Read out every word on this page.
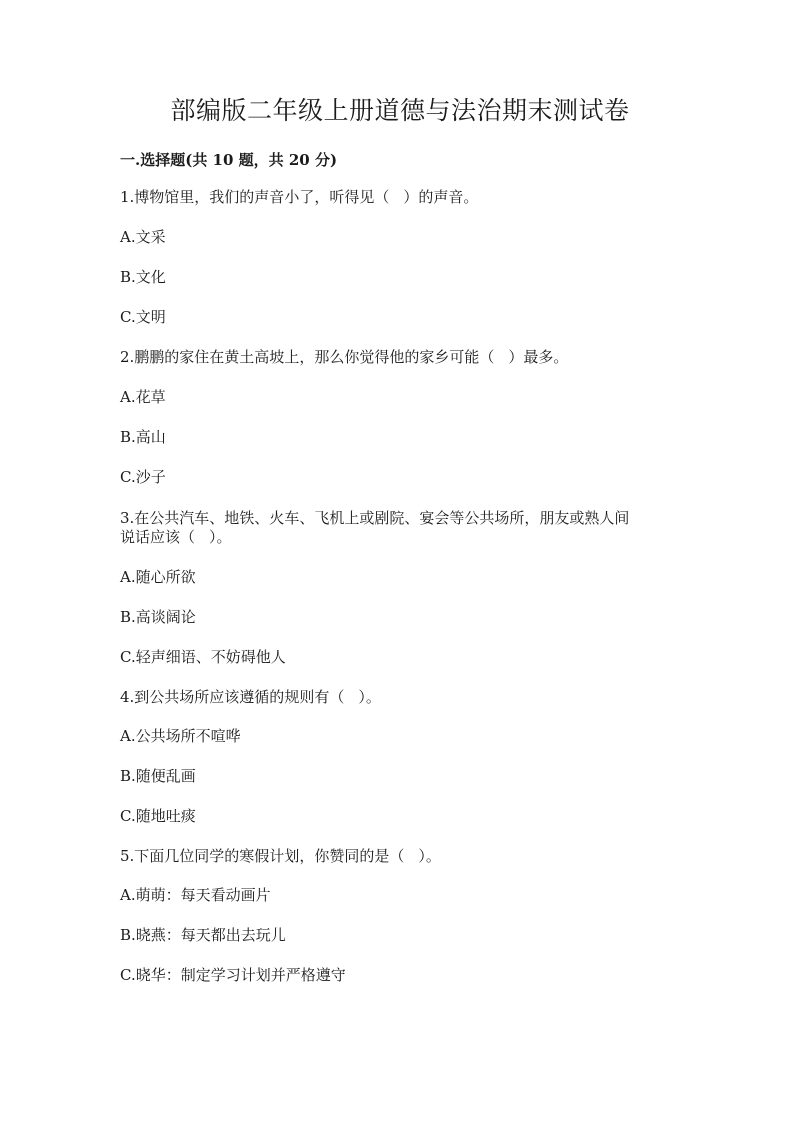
部编版二年级上册道德与法治期末测试卷
一.选择题(共 10 题，共 20 分)
1.博物馆里，我们的声音小了，听得见（ ）的声音。
A.文采
B.文化
C.文明
2.鹏鹏的家住在黄土高坡上，那么你觉得他的家乡可能（ ）最多。
A.花草
B.高山
C.沙子
3.在公共汽车、地铁、火车、飞机上或剧院、宴会等公共场所，朋友或熟人间
说话应该（ ）。
A.随心所欲
B.高谈阔论
C.轻声细语、不妨碍他人
4.到公共场所应该遵循的规则有（ ）。
A.公共场所不喧哗
B.随便乱画
C.随地吐痰
5.下面几位同学的寒假计划，你赞同的是（ ）。
A.萌萌：每天看动画片
B.晓燕：每天都出去玩儿
C.晓华：制定学习计划并严格遵守
